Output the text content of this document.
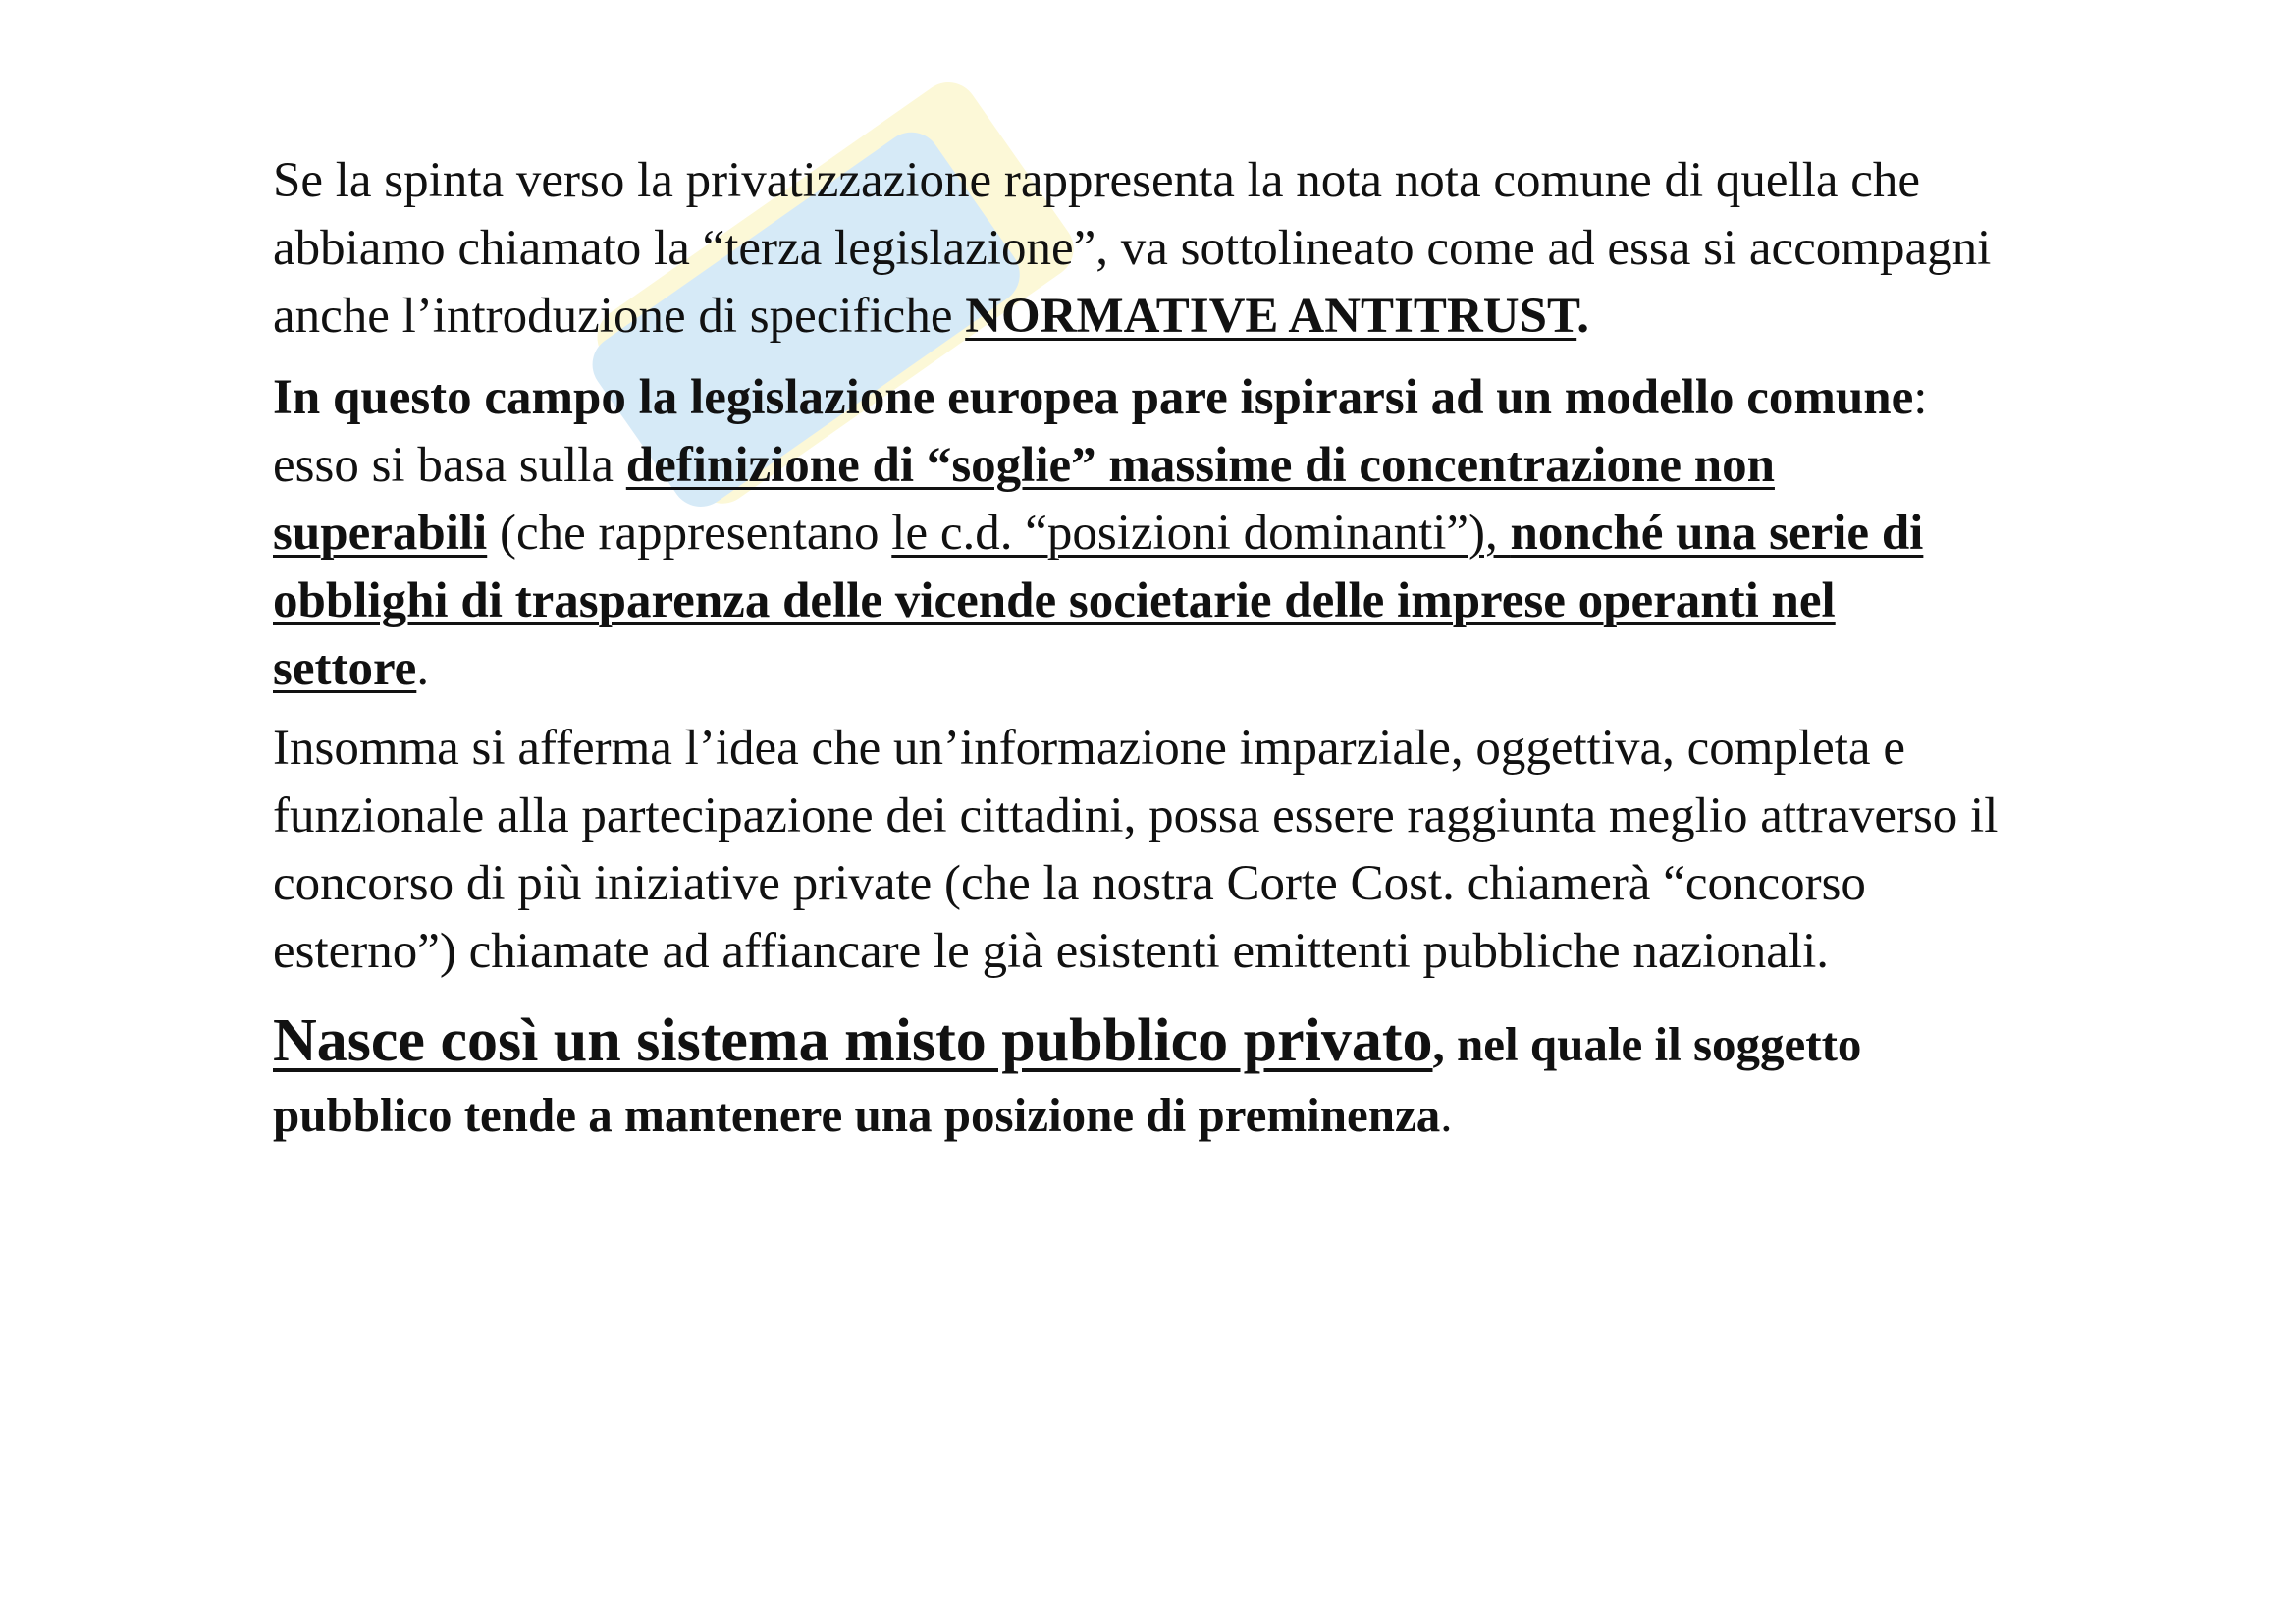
Se la spinta verso la privatizzazione rappresenta la nota nota comune di quella che abbiamo chiamato la “terza legislazione”, va sottolineato come ad essa si accompagni anche l’introduzione di specifiche NORMATIVE ANTITRUST.

In questo campo la legislazione europea pare ispirarsi ad un modello comune: esso si basa sulla definizione di “soglie” massime di concentrazione non superabili (che rappresentano le c.d. “posizioni dominanti”), nonché una serie di obblighi di trasparenza delle vicende societarie delle imprese operanti nel settore.

Insomma si afferma l’idea che un’informazione imparziale, oggettiva, completa e funzionale alla partecipazione dei cittadini, possa essere raggiunta meglio attraverso il concorso di più iniziative private (che la nostra Corte Cost. chiamerà “concorso esterno”) chiamate ad affiancare le già esistenti emittenti pubbliche nazionali.

Nasce così un sistema misto pubblico privato, nel quale il soggetto pubblico tende a mantenere una posizione di preminenza.
